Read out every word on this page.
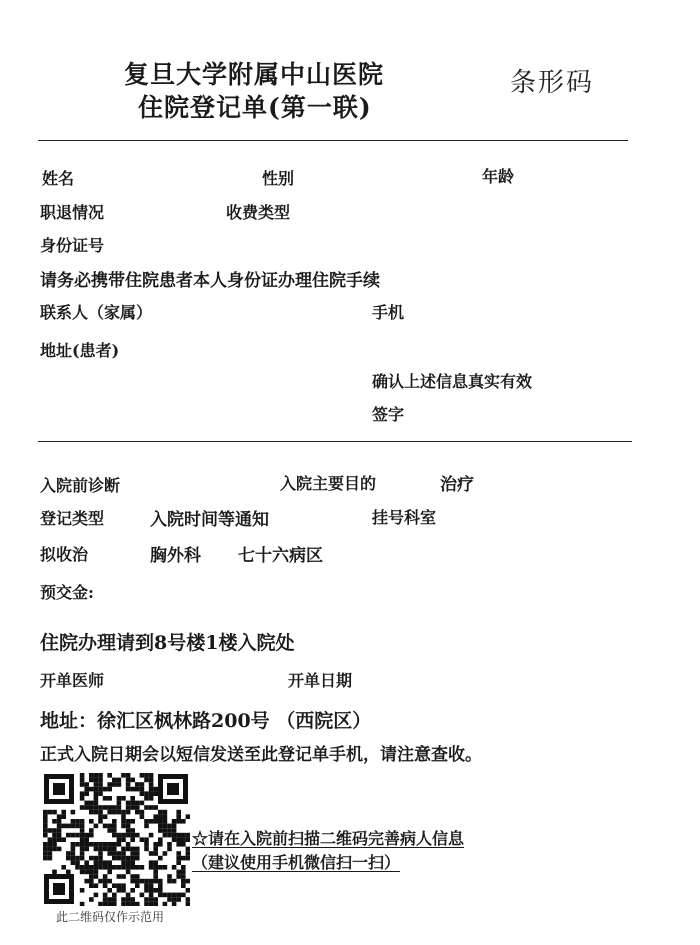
复旦大学附属中山医院
住院登记单(第一联)
条形码
姓名	性别	年龄
职退情况	收费类型
身份证号
请务必携带住院患者本人身份证办理住院手续
联系人（家属）	手机
地址(患者)
确认上述信息真实有效
签字
入院前诊断	入院主要目的	治疗
登记类型	入院时间等通知	挂号科室
拟收治	胸外科 七十六病区
预交金:
住院办理请到8号楼1楼入院处
开单医师	开单日期
地址：徐汇区枫林路200号 （西院区）
正式入院日期会以短信发送至此登记单手机，请注意查收。
☆请在入院前扫描二维码完善病人信息
（建议使用手机微信扫一扫）
此二维码仅作示范用
